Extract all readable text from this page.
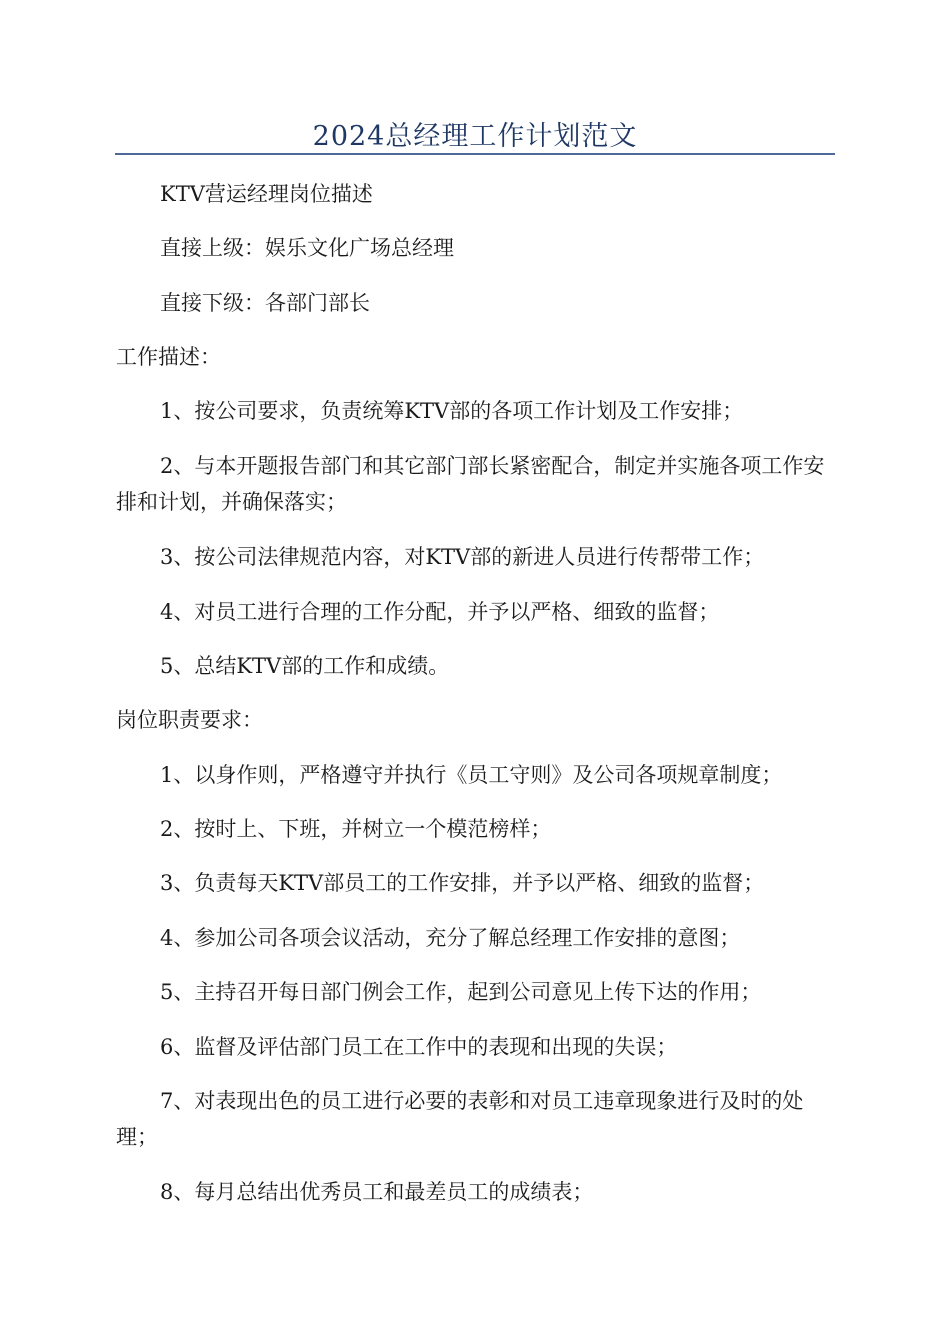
2024总经理工作计划范文

KTV营运经理岗位描述

直接上级：娱乐文化广场总经理

直接下级：各部门部长

工作描述：

1、按公司要求，负责统筹KTV部的各项工作计划及工作安排；

2、与本开题报告部门和其它部门部长紧密配合，制定并实施各项工作安排和计划，并确保落实；

3、按公司法律规范内容，对KTV部的新进人员进行传帮带工作；

4、对员工进行合理的工作分配，并予以严格、细致的监督；

5、总结KTV部的工作和成绩。

岗位职责要求：

1、以身作则，严格遵守并执行《员工守则》及公司各项规章制度；

2、按时上、下班，并树立一个模范榜样；

3、负责每天KTV部员工的工作安排，并予以严格、细致的监督；

4、参加公司各项会议活动，充分了解总经理工作安排的意图；

5、主持召开每日部门例会工作，起到公司意见上传下达的作用；

6、监督及评估部门员工在工作中的表现和出现的失误；

7、对表现出色的员工进行必要的表彰和对员工违章现象进行及时的处理；

8、每月总结出优秀员工和最差员工的成绩表；
